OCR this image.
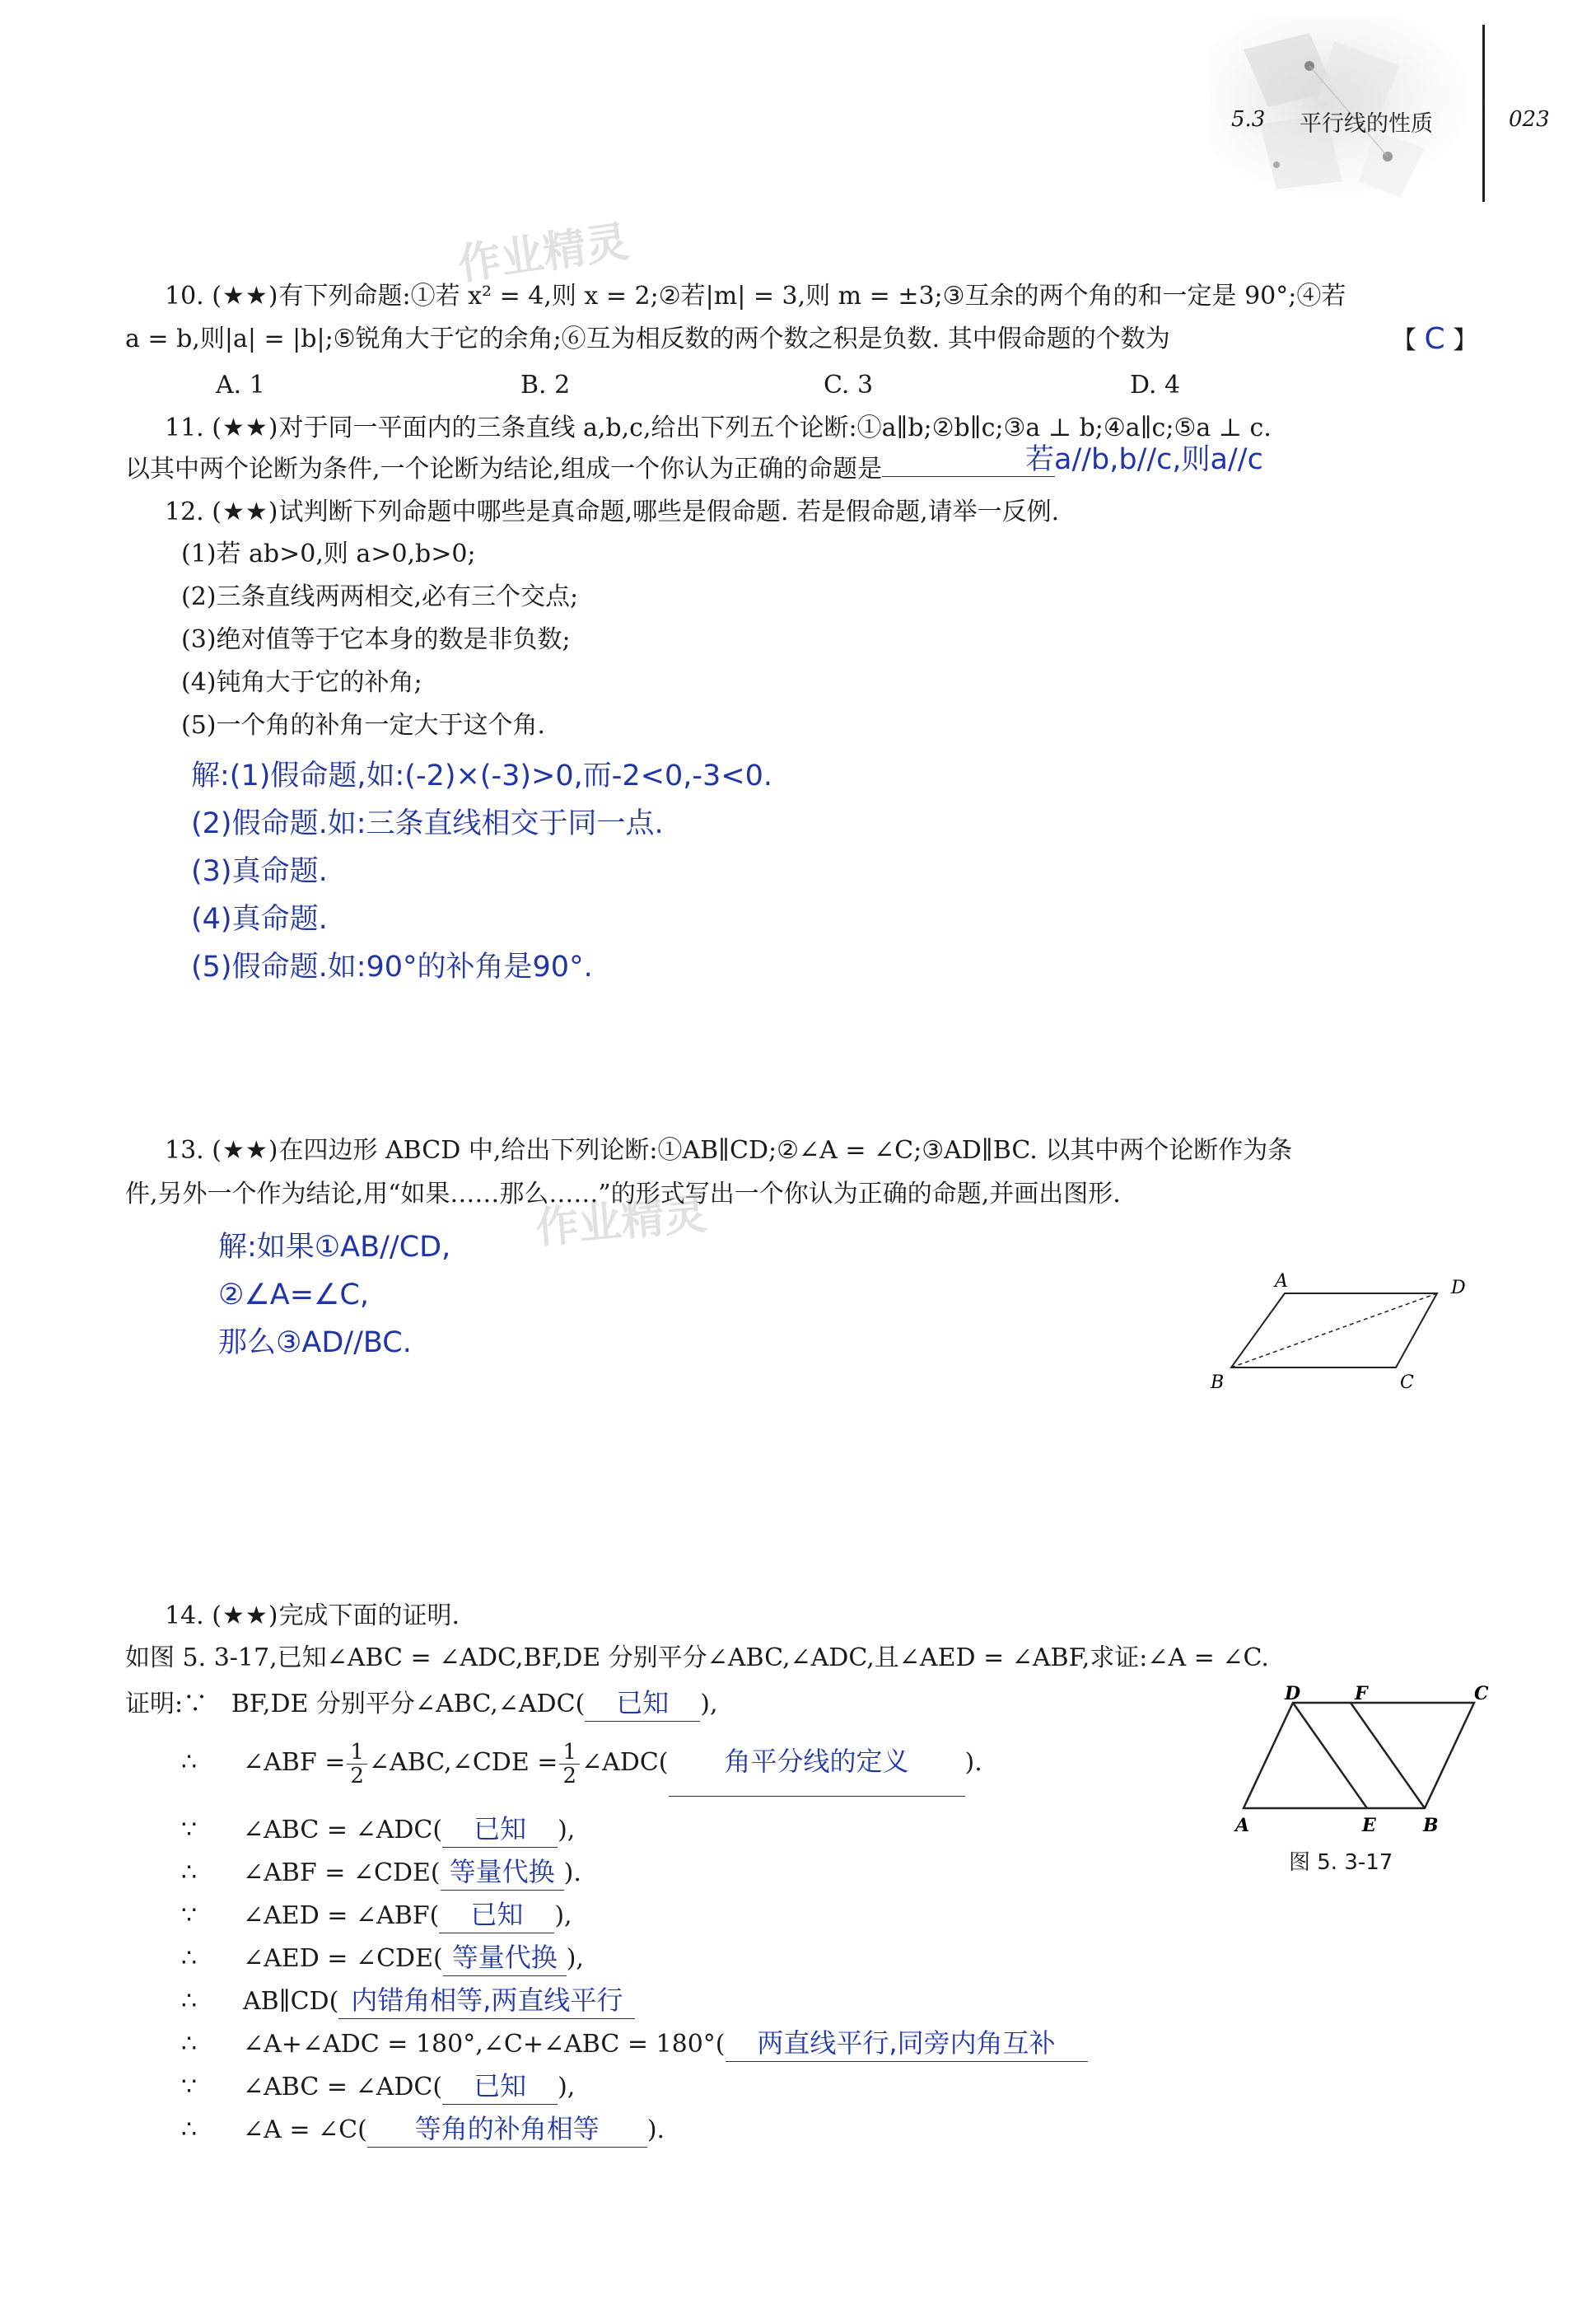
5.3 平行线的性质	023
作业精灵
作业精灵
10. (★★)有下列命题:①若 x² = 4,则 x = 2;②若|m| = 3,则 m = ±3;③互余的两个角的和一定是 90°;④若
a = b,则|a| = |b|;⑤锐角大于它的余角;⑥互为相反数的两个数之积是负数. 其中假命题的个数为	【 C 】
A. 1	B. 2	C. 3	D. 4
11. (★★)对于同一平面内的三条直线 a,b,c,给出下列五个论断:①a∥b;②b∥c;③a ⊥ b;④a∥c;⑤a ⊥ c.
以其中两个论断为条件,一个论断为结论,组成一个你认为正确的命题是	若a//b,b//c,则a//c
12. (★★)试判断下列命题中哪些是真命题,哪些是假命题. 若是假命题,请举一反例.
(1)若 ab>0,则 a>0,b>0;
(2)三条直线两两相交,必有三个交点;
(3)绝对值等于它本身的数是非负数;
(4)钝角大于它的补角;
(5)一个角的补角一定大于这个角.
解:(1)假命题,如:(-2)×(-3)>0,而-2<0,-3<0.
(2)假命题.如:三条直线相交于同一点.
(3)真命题.
(4)真命题.
(5)假命题.如:90°的补角是90°.
13. (★★)在四边形 ABCD 中,给出下列论断:①AB∥CD;②∠A = ∠C;③AD∥BC. 以其中两个论断作为条
件,另外一个作为结论,用“如果……那么……”的形式写出一个你认为正确的命题,并画出图形.
解:如果①AB//CD,
②∠A=∠C,
那么③AD//BC.
A	D
B	C
14. (★★)完成下面的证明.
如图 5. 3-17,已知∠ABC = ∠ADC,BF,DE 分别平分∠ABC,∠ADC,且∠AED = ∠ABF,求证:∠A = ∠C.
证明:∵ BF,DE 分别平分∠ABC,∠ADC( 已知 ),
∴ ∠ABF = $\frac{1}{2}$ ∠ABC,∠CDE = $\frac{1}{2}$ ∠ADC( 角平分线的定义 ).
∵ ∠ABC = ∠ADC( 已知 ),
∴ ∠ABF = ∠CDE( 等量代换 ).
∵ ∠AED = ∠ABF( 已知 ),
∴ ∠AED = ∠CDE( 等量代换 ),
∴ AB∥CD( 内错角相等,两直线平行
∴ ∠A+∠ADC = 180°,∠C+∠ABC = 180°( 两直线平行,同旁内角互补
∵ ∠ABC = ∠ADC( 已知 ),
∴ ∠A = ∠C( 等角的补角相等 ).
D	F	C
A	E	B
图 5. 3-17
